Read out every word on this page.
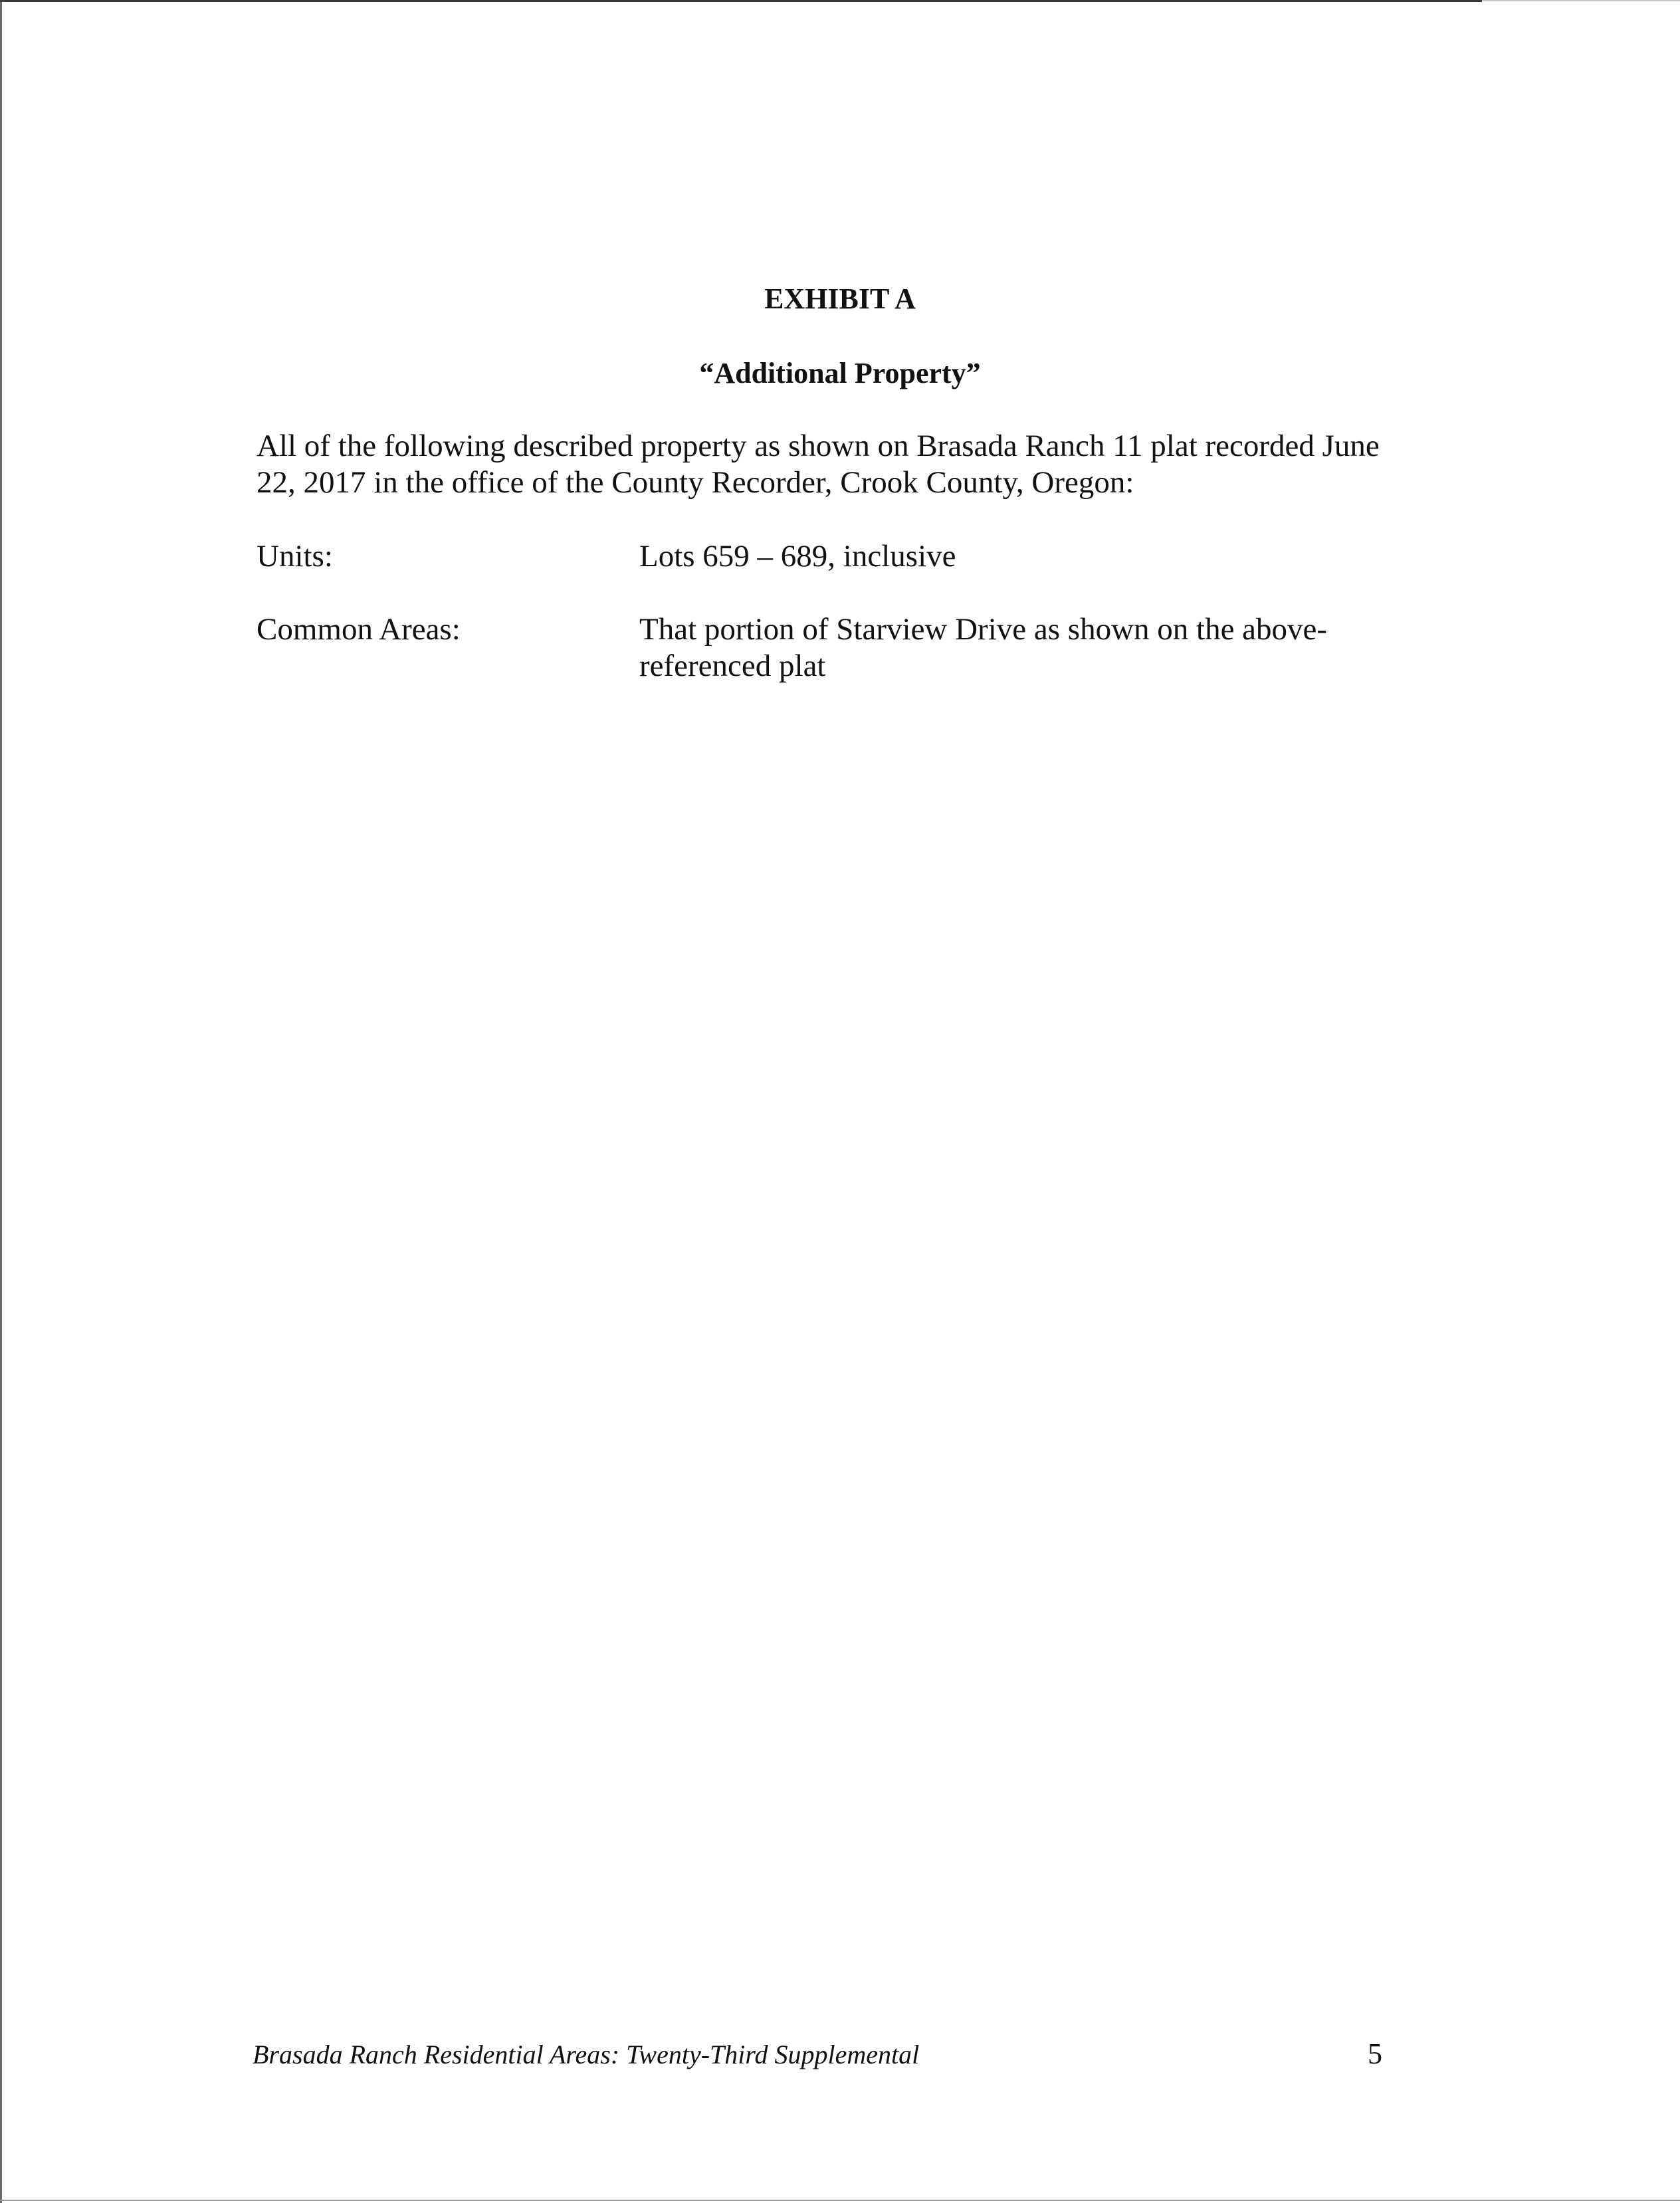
EXHIBIT A
“Additional Property”

All of the following described property as shown on Brasada Ranch 11 plat recorded June
22, 2017 in the office of the County Recorder, Crook County, Oregon:

Units:	Lots 659 – 689, inclusive
Common Areas:	That portion of Starview Drive as shown on the above-
referenced plat
Brasada Ranch Residential Areas: Twenty-Third Supplemental	5
